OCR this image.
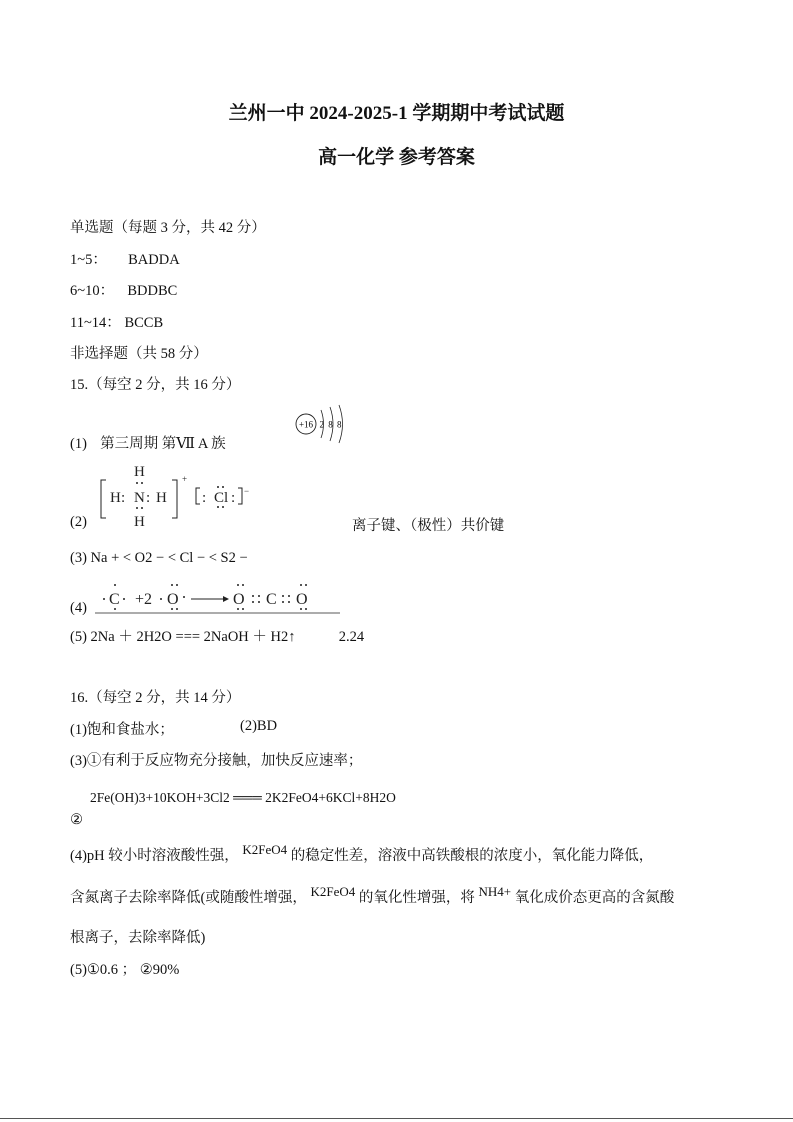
兰州一中 2024-2025-1 学期期中考试试题
高一化学 参考答案
单选题（每题 3 分，共 42 分）
1~5： BADDA
6~10： BDDBC
11~14： BCCB
非选择题（共 58 分）
15.（每空 2 分，共 16 分）
+16 2 8 8
(1) 第三周期 第Ⅶ A 族
H : N : H
H
H
+
: Cl : −
(2)	离子键、（极性）共价键
(3) Na + < O2 − < Cl − < S2 −
C +2 O	O C O
(4)
(5) 2Na ＋ 2H2O === 2NaOH ＋ H2↑	2.24
16.（每空 2 分，共 14 分）
(1)饱和食盐水；	(2)BD
(3)①有利于反应物充分接触，加快反应速率；
2Fe(OH)3+10KOH+3Cl2 ═══ 2K2FeO4+6KCl+8H2O
②
(4)pH 较小时溶液酸性强， K2FeO4 的稳定性差，溶液中高铁酸根的浓度小，氧化能力降低，
含氮离子去除率降低(或随酸性增强， K2FeO4 的氧化性增强，将 NH4+ 氧化成价态更高的含氮酸
根离子，去除率降低)
(5)①0.6 ； ②90%
